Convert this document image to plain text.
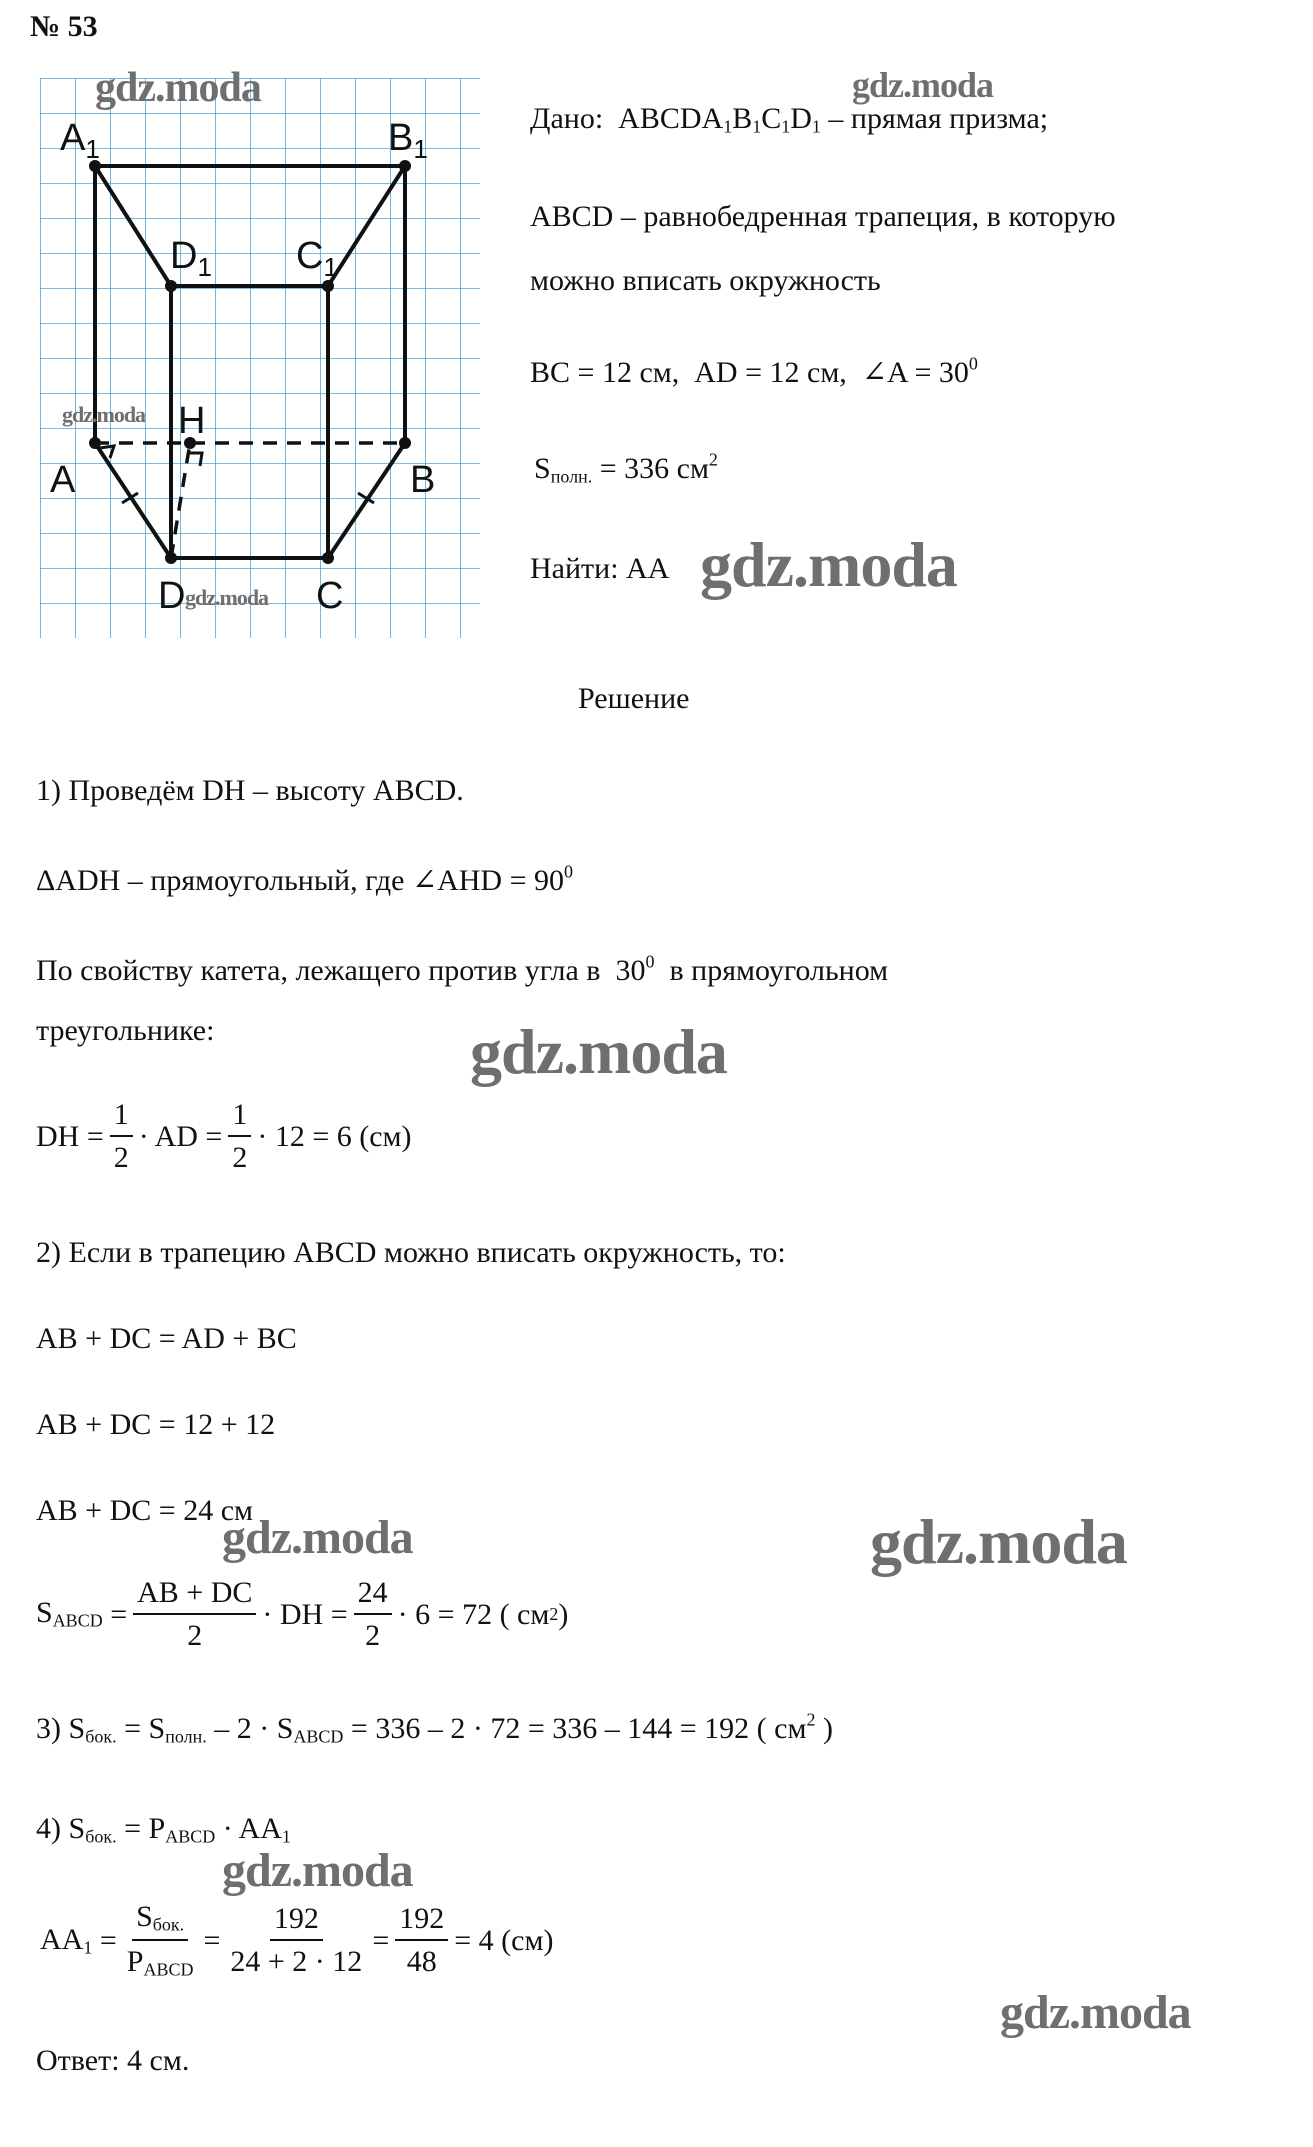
№ 53
$A_1$	$B_1$
$D_1$ $C_1$
A	B
H
D	C
gdz.moda
gdz.moda
gdz.moda
gdz.moda
gdz.moda
gdz.moda
gdz.moda	gdz.moda
gdz.moda
gdz.moda
Дано: $ABCDA_1B_1C_1D_1$ – прямая призма;
ABCD – равнобедренная трапеция, в которую
можно вписать окружность
BC = 12 см, AD = 12 см, ∠A = $30^0$
$S_{полн.} = 336$ $см^2$
Найти: AA
Решение
1) Проведём DH – высоту ABCD.
ΔADH – прямоугольный, где ∠AHD = $90^0$
По свойству катета, лежащего против угла в $30^0$ в прямоугольном
треугольнике:
DH = $\frac{1}{2}$ · AD = $\frac{1}{2} \cdot 12 = 6$ (см)
2) Если в трапецию ABCD можно вписать окружность, то:
AB + DC = AD + BC
AB + DC = 12 + 12
AB + DC = 24 см
$S_{ABCD}$
= $\frac{AB + DC}{2}$ · DH = $\frac{24}{2} \cdot 6 = 72$ ( см 2 )
3) $S_{бок.} = S_{полн.} - 2 \cdot S_{ABCD} = 336 - 2 \cdot 72 = 336 - 144 = 192$ ( $см^2$ )
4) $S_{бок.} = P_{ABCD} \cdot AA_1$
$AA_1$
= $\frac{S_{бок.}}{P_{ABCD}} = \frac{192}{24 + 2 \cdot 12} = \frac{192}{48} = 4$ (см)
Ответ: 4 см.
